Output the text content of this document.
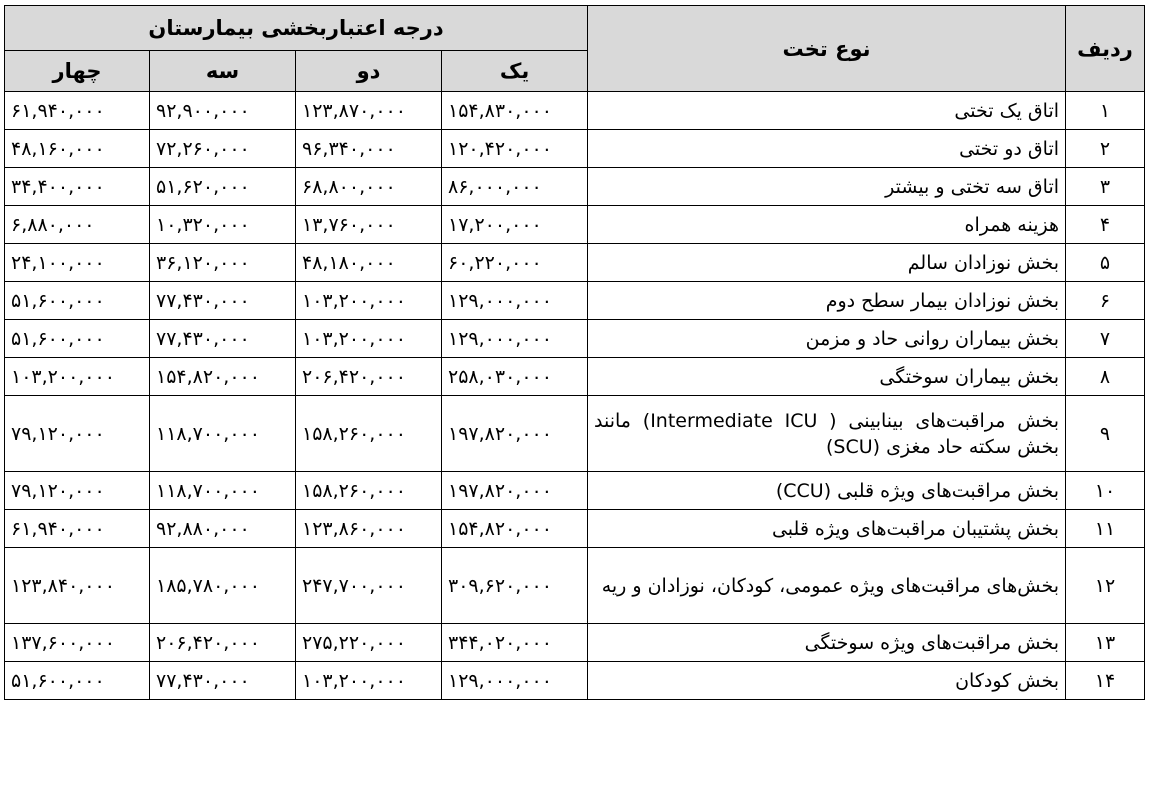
ردیف	نوع تخت	درجه اعتباربخشی بیمارستان			
		یک	دو	سه	چهار
۱	اتاق یک تختی	۱۵۴,۸۳۰,۰۰۰	۱۲۳,۸۷۰,۰۰۰	۹۲,۹۰۰,۰۰۰	۶۱,۹۴۰,۰۰۰
۲	اتاق دو تختی	۱۲۰,۴۲۰,۰۰۰	۹۶,۳۴۰,۰۰۰	۷۲,۲۶۰,۰۰۰	۴۸,۱۶۰,۰۰۰
۳	اتاق سه تختی و بیشتر	۸۶,۰۰۰,۰۰۰	۶۸,۸۰۰,۰۰۰	۵۱,۶۲۰,۰۰۰	۳۴,۴۰۰,۰۰۰
۴	هزینه همراه	۱۷,۲۰۰,۰۰۰	۱۳,۷۶۰,۰۰۰	۱۰,۳۲۰,۰۰۰	۶,۸۸۰,۰۰۰
۵	بخش نوزادان سالم	۶۰,۲۲۰,۰۰۰	۴۸,۱۸۰,۰۰۰	۳۶,۱۲۰,۰۰۰	۲۴,۱۰۰,۰۰۰
۶	بخش نوزادان بیمار سطح دوم	۱۲۹,۰۰۰,۰۰۰	۱۰۳,۲۰۰,۰۰۰	۷۷,۴۳۰,۰۰۰	۵۱,۶۰۰,۰۰۰
۷	بخش بیماران روانی حاد و مزمن	۱۲۹,۰۰۰,۰۰۰	۱۰۳,۲۰۰,۰۰۰	۷۷,۴۳۰,۰۰۰	۵۱,۶۰۰,۰۰۰
۸	بخش بیماران سوختگی	۲۵۸,۰۳۰,۰۰۰	۲۰۶,۴۲۰,۰۰۰	۱۵۴,۸۲۰,۰۰۰	۱۰۳,۲۰۰,۰۰۰
۹	بخش مراقبت‌های بینابینی ( Intermediate ICU) مانند بخش سکته حاد مغزی (SCU)	۱۹۷,۸۲۰,۰۰۰	۱۵۸,۲۶۰,۰۰۰	۱۱۸,۷۰۰,۰۰۰	۷۹,۱۲۰,۰۰۰
۱۰	بخش مراقبت‌های ویژه قلبی (CCU)	۱۹۷,۸۲۰,۰۰۰	۱۵۸,۲۶۰,۰۰۰	۱۱۸,۷۰۰,۰۰۰	۷۹,۱۲۰,۰۰۰
۱۱	بخش پشتیبان مراقبت‌های ویژه قلبی	۱۵۴,۸۲۰,۰۰۰	۱۲۳,۸۶۰,۰۰۰	۹۲,۸۸۰,۰۰۰	۶۱,۹۴۰,۰۰۰
۱۲	بخش‌های مراقبت‌های ویژه عمومی، کودکان، نوزادان و ریه	۳۰۹,۶۲۰,۰۰۰	۲۴۷,۷۰۰,۰۰۰	۱۸۵,۷۸۰,۰۰۰	۱۲۳,۸۴۰,۰۰۰
۱۳	بخش مراقبت‌های ویژه سوختگی	۳۴۴,۰۲۰,۰۰۰	۲۷۵,۲۲۰,۰۰۰	۲۰۶,۴۲۰,۰۰۰	۱۳۷,۶۰۰,۰۰۰
۱۴	بخش کودکان	۱۲۹,۰۰۰,۰۰۰	۱۰۳,۲۰۰,۰۰۰	۷۷,۴۳۰,۰۰۰	۵۱,۶۰۰,۰۰۰
